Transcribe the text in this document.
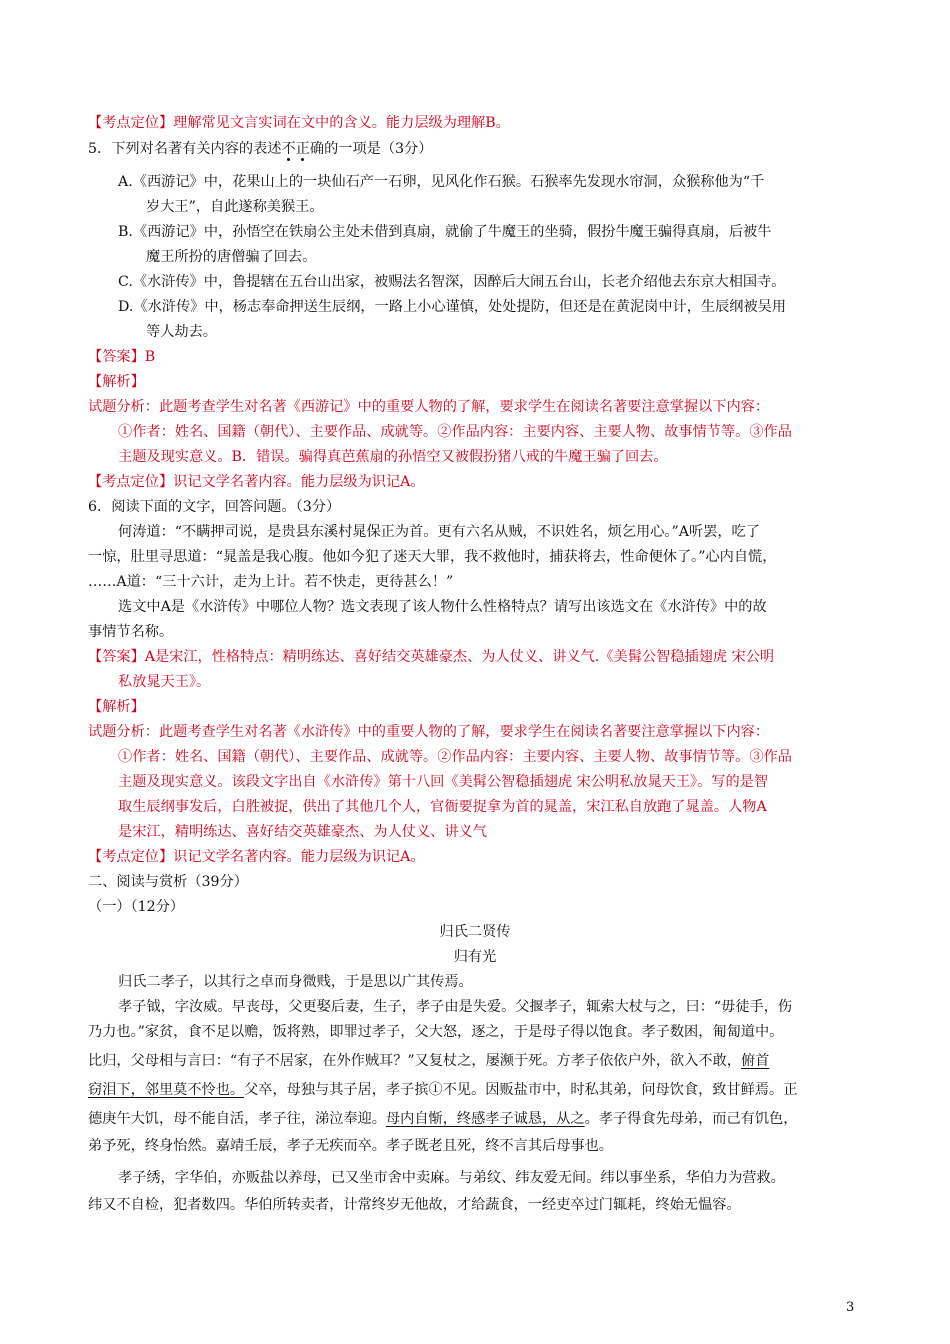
【考点定位】理解常见文言实词在文中的含义。能力层级为理解B。
5．下列对名著有关内容的表述不正确的一项是（3分）
A.《西游记》中，花果山上的一块仙石产一石卵，见风化作石猴。石猴率先发现水帘洞，众猴称他为“千
岁大王”，自此遂称美猴王。
B.《西游记》中，孙悟空在铁扇公主处未借到真扇，就偷了牛魔王的坐骑，假扮牛魔王骗得真扇，后被牛
魔王所扮的唐僧骗了回去。
C.《水浒传》中，鲁提辖在五台山出家，被赐法名智深，因醉后大闹五台山，长老介绍他去东京大相国寺。
D.《水浒传》中，杨志奉命押送生辰纲，一路上小心谨慎，处处提防，但还是在黄泥岗中计，生辰纲被吴用
等人劫去。
【答案】B
【解析】
试题分析：此题考查学生对名著《西游记》中的重要人物的了解，要求学生在阅读名著要注意掌握以下内容：
①作者：姓名、国籍（朝代）、主要作品、成就等。②作品内容：主要内容、主要人物、故事情节等。③作品
主题及现实意义。B．错误。骗得真芭蕉扇的孙悟空又被假扮猪八戒的牛魔王骗了回去。
【考点定位】识记文学名著内容。能力层级为识记A。
6．阅读下面的文字，回答问题。（3分）
何涛道：“不瞒押司说，是贵县东溪村晁保正为首。更有六名从贼，不识姓名，烦乞用心。”A听罢，吃了
一惊，肚里寻思道：“晁盖是我心腹。他如今犯了迷天大罪，我不救他时，捕获将去，性命便休了。”心内自慌，
……A道：“三十六计，走为上计。若不快走，更待甚么！”
选文中A是《水浒传》中哪位人物？选文表现了该人物什么性格特点？请写出该选文在《水浒传》中的故
事情节名称。
【答案】A是宋江，性格特点：精明练达、喜好结交英雄豪杰、为人仗义、讲义气.《美髯公智稳插翅虎 宋公明
私放晁天王》。
【解析】
试题分析：此题考查学生对名著《水浒传》中的重要人物的了解，要求学生在阅读名著要注意掌握以下内容：
①作者：姓名、国籍（朝代）、主要作品、成就等。②作品内容：主要内容、主要人物、故事情节等。③作品
主题及现实意义。该段文字出自《水浒传》第十八回《美髯公智稳插翅虎 宋公明私放晁天王》。写的是智
取生辰纲事发后，白胜被捉，供出了其他几个人，官衙要捉拿为首的晁盖，宋江私自放跑了晁盖。人物A
是宋江，精明练达、喜好结交英雄豪杰、为人仗义、讲义气
【考点定位】识记文学名著内容。能力层级为识记A。
二、阅读与赏析（39分）
（一）（12分）
归氏二贤传
归有光
归氏二孝子，以其行之卓而身微贱，于是思以广其传焉。
孝子钺，字汝威。早丧母，父更娶后妻，生子，孝子由是失爱。父揠孝子，辄索大杖与之，曰：“毋徒手，伤
乃力也。”家贫，食不足以赡，饭将熟，即罪过孝子，父大怒，逐之，于是母子得以饱食。孝子数困，匍匐道中。
比归，父母相与言曰：“有子不居家，在外作贼耳？”又复杖之，屡濒于死。方孝子依依户外，欲入不敢，俯首
窃泪下，邻里莫不怜也。父卒，母独与其子居，孝子摈①不见。因贩盐市中，时私其弟，问母饮食，致甘鲜焉。正
德庚午大饥，母不能自活，孝子往，涕泣奉迎。母内自惭，终感孝子诚恳，从之。孝子得食先母弟，而己有饥色，
弟予死，终身怡然。嘉靖壬辰，孝子无疾而卒。孝子既老且死，终不言其后母事也。
孝子绣，字华伯，亦贩盐以养母，已又坐市舍中卖麻。与弟纹、纬友爱无间。纬以事坐系，华伯力为营救。
纬又不自检，犯者数四。华伯所转卖者，计常终岁无他故，才给蔬食，一经吏卒过门辄耗，终始无愠容。
3
